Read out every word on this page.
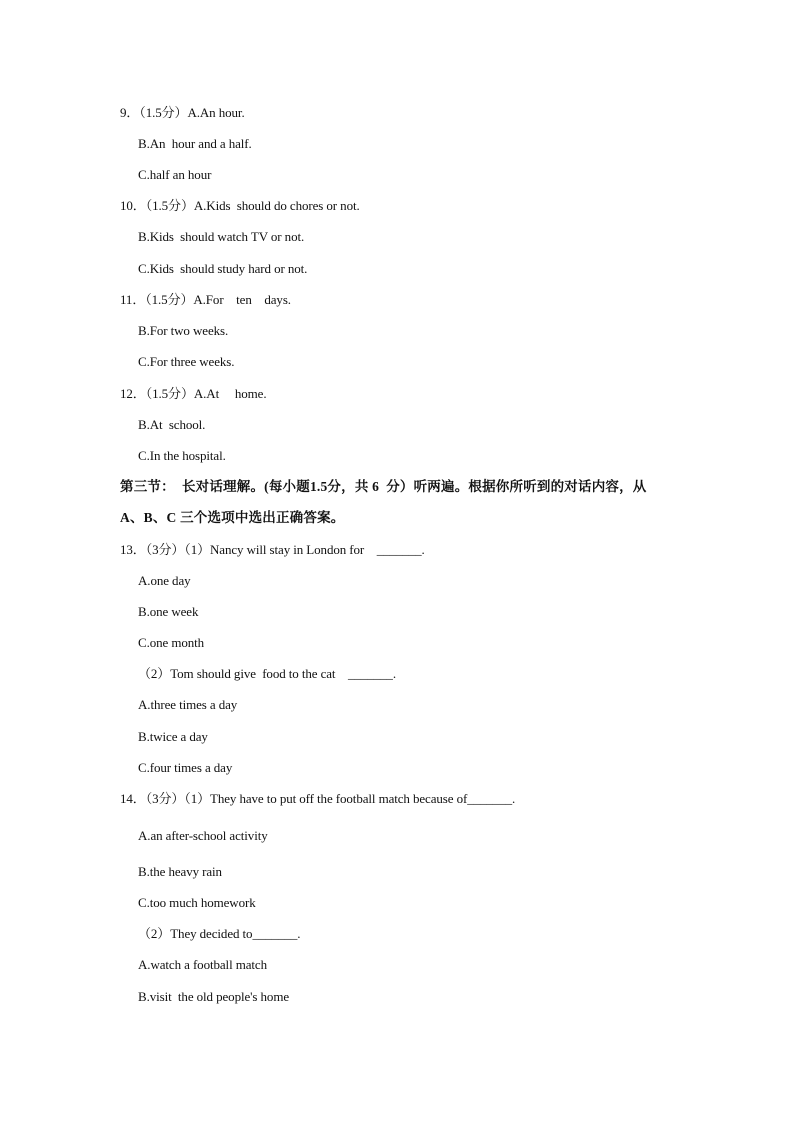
9．（1.5分）A.An hour.
B.An  hour and a half.
C.half an hour
10．（1.5分）A.Kids  should do chores or not.
B.Kids  should watch TV or not.
C.Kids  should study hard or not.
11．（1.5分）A.For    ten    days.
B.For two weeks.
C.For three weeks.
12．（1.5分）A.At     home.
B.At  school.
C.In the hospital.
第三节：  长对话理解。(每小题1.5分，共 6  分）听两遍。根据你所听到的对话内容，从
A、B、C 三个选项中选出正确答案。
13．（3分）（1）Nancy will stay in London for    _______.
A.one day
B.one week
C.one month
（2）Tom should give  food to the cat    _______.
A.three times a day
B.twice a day
C.four times a day
14．（3分）（1）They have to put off the football match because of_______.
A.an after-school activity
B.the heavy rain
C.too much homework
（2）They decided to_______.
A.watch a football match
B.visit  the old people's home
